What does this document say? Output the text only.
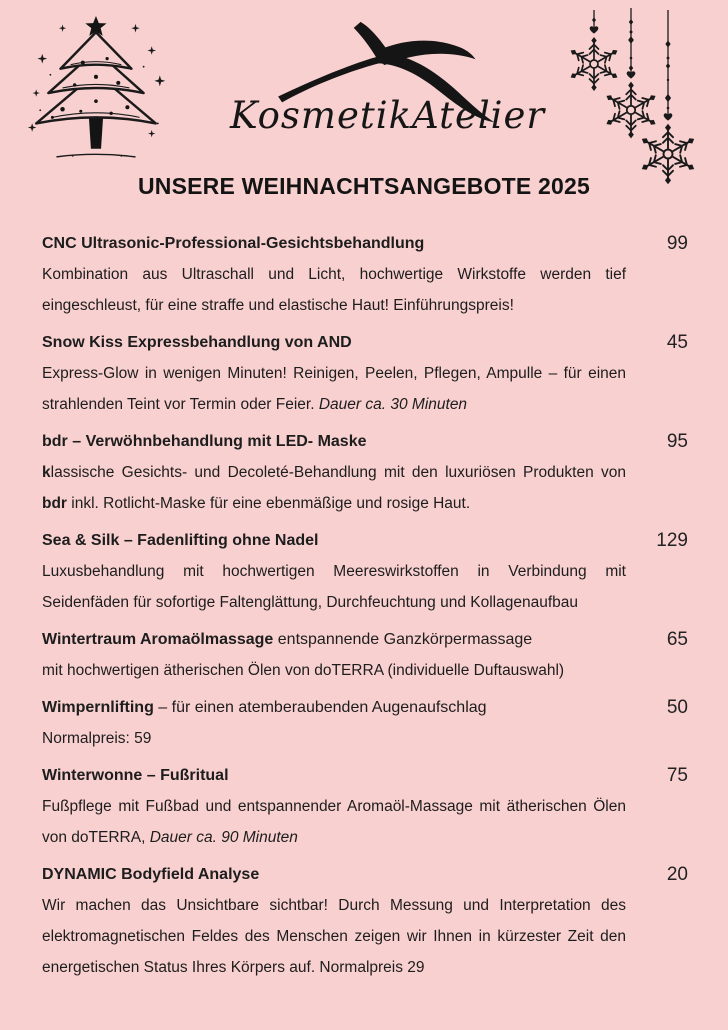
KosmetikAtelier
UNSERE WEIHNACHTSANGEBOTE 2025
CNC Ultrasonic-Professional-Gesichtsbehandlung	99
Kombination aus Ultraschall und Licht, hochwertige Wirkstoffe werden tief eingeschleust, für eine straffe und elastische Haut! Einführungspreis!
Snow Kiss Expressbehandlung von AND	45
Express-Glow in wenigen Minuten! Reinigen, Peelen, Pflegen, Ampulle – für einen strahlenden Teint vor Termin oder Feier. Dauer ca. 30 Minuten
bdr – Verwöhnbehandlung mit LED- Maske	95
klassische Gesichts- und Decoleté-Behandlung mit den luxuriösen Produkten von bdr inkl. Rotlicht-Maske für eine ebenmäßige und rosige Haut.
Sea & Silk – Fadenlifting ohne Nadel	129
Luxusbehandlung mit hochwertigen Meereswirkstoffen in Verbindung mit Seidenfäden für sofortige Faltenglättung, Durchfeuchtung und Kollagenaufbau
Wintertraum Aromaölmassage entspannende Ganzkörpermassage	65
mit hochwertigen ätherischen Ölen von doTERRA (individuelle Duftauswahl)
Wimpernlifting – für einen atemberaubenden Augenaufschlag	50
Normalpreis: 59
Winterwonne – Fußritual	75
Fußpflege mit Fußbad und entspannender Aromaöl-Massage mit ätherischen Ölen von doTERRA, Dauer ca. 90 Minuten
DYNAMIC Bodyfield Analyse	20
Wir machen das Unsichtbare sichtbar! Durch Messung und Interpretation des elektromagnetischen Feldes des Menschen zeigen wir Ihnen in kürzester Zeit den energetischen Status Ihres Körpers auf. Normalpreis 29
